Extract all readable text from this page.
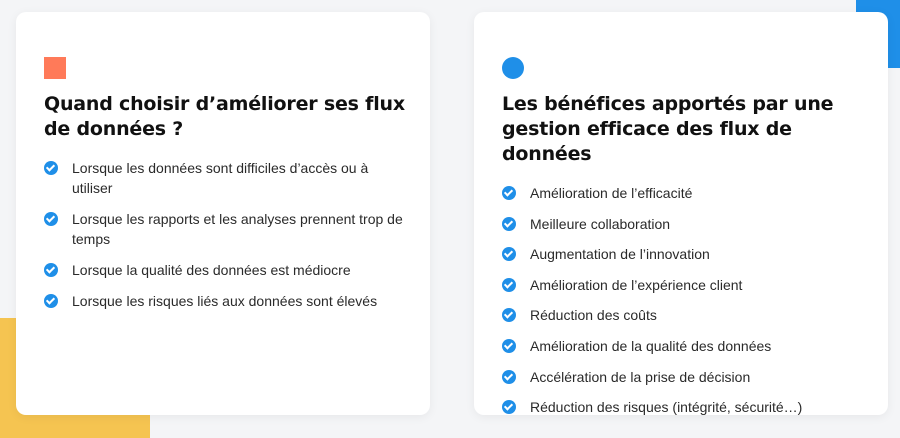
Quand choisir d’améliorer ses flux de données ?
Lorsque les données sont difficiles d’accès ou à utiliser
Lorsque les rapports et les analyses prennent trop de temps
Lorsque la qualité des données est médiocre
Lorsque les risques liés aux données sont élevés
Les bénéfices apportés par une gestion efficace des flux de données
Amélioration de l’efficacité
Meilleure collaboration
Augmentation de l’innovation
Amélioration de l’expérience client
Réduction des coûts
Amélioration de la qualité des données
Accélération de la prise de décision
Réduction des risques (intégrité, sécurité…)
